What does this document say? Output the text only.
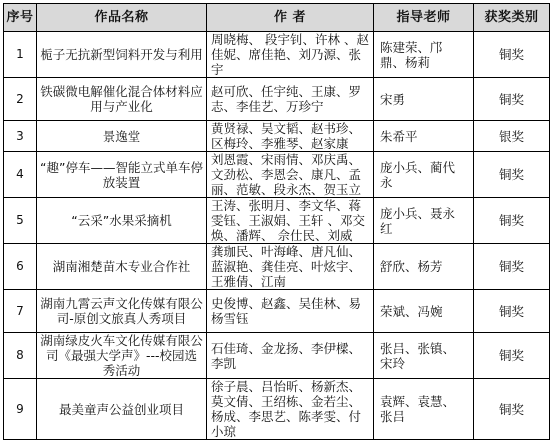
序号	作品名称	作 者	指导老师	获奖类别
1	栀子无抗新型饲料开发与利用	周晓梅、 段宇钊、许林 、赵佳妮、席佳艳、刘乃源、张宇	陈建荣、邝鼎、杨莉	铜奖
2	铁碳微电解催化混合体材料应用与产业化	赵可欣、任宇纯、王康、罗志、李佳艺、万珍宁	宋勇	铜奖
3	景逸堂	黄贤禄、吴文韬、赵书珍、区梅玲、李雅琴、赵家康	朱希平	银奖
4	“趣”停车——智能立式单车停放装置	刘恩霞、宋雨情、邓庆禹、文劲松、李恩会、康凡、孟丽、范敏、段永杰、贺玉立	庞小兵、蔺代永	铜奖
5	“云采”水果采摘机	王涛、张明月、李文华、蒋雯钰、王淑娟、王轩 、邓交焕、潘辉、 佘仕民、刘威	庞小兵、聂永红	铜奖
6	湖南湘楚苗木专业合作社	龚珈民、叶海峰、唐凡仙、蓝淑艳、龚佳亮、叶炫宇、王雅倩、江南	舒欣、杨芳	铜奖
7	湖南九霄云声文化传媒有限公司-原创文旅真人秀项目	史俊博、赵鑫、吴佳林、易杨雪钰	荣斌、冯婉	铜奖
8	湖南绿皮火车文化传媒有限公司《最强大学声》---校园选秀活动	石佳琦、金龙扬、李伊樑、李凯	张吕、张镇、宋玲	铜奖
9	最美童声公益创业项目	徐子晨、吕怡昕、杨新杰、莫文倩、王绍栋、金若尘、杨成、李思艺、陈孝雯、付小琼	袁辉、袁慧、张吕	铜奖
